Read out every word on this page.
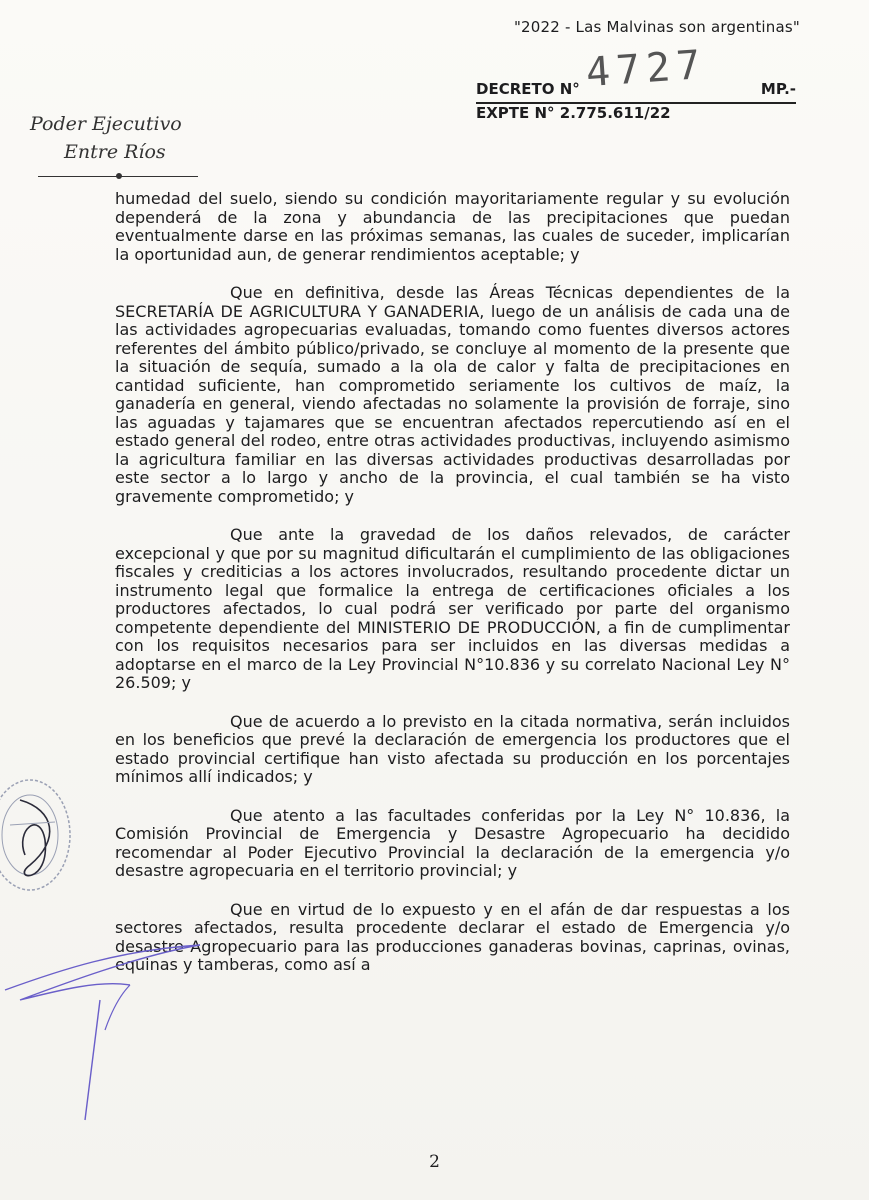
"2022 - Las Malvinas son argentinas"
DECRETO N° 4727	MP.-
EXPTE N° 2.775.611/22
Poder Ejecutivo
Entre Ríos

humedad del suelo, siendo su condición mayoritariamente regular y su evolución dependerá de la zona y abundancia de las precipitaciones que puedan eventualmente darse en las próximas semanas, las cuales de suceder, implicarían la oportunidad aun, de generar rendimientos aceptable; y

Que en definitiva, desde las Áreas Técnicas dependientes de la SECRETARÍA DE AGRICULTURA Y GANADERIA, luego de un análisis de cada una de las actividades agropecuarias evaluadas, tomando como fuentes diversos actores referentes del ámbito público/privado, se concluye al momento de la presente que la situación de sequía, sumado a la ola de calor y falta de precipitaciones en cantidad suficiente, han comprometido seriamente los cultivos de maíz, la ganadería en general, viendo afectadas no solamente la provisión de forraje, sino las aguadas y tajamares que se encuentran afectados repercutiendo así en el estado general del rodeo, entre otras actividades productivas, incluyendo asimismo la agricultura familiar en las diversas actividades productivas desarrolladas por este sector a lo largo y ancho de la provincia, el cual también se ha visto gravemente comprometido; y

Que ante la gravedad de los daños relevados, de carácter excepcional y que por su magnitud dificultarán el cumplimiento de las obligaciones fiscales y crediticias a los actores involucrados, resultando procedente dictar un instrumento legal que formalice la entrega de certificaciones oficiales a los productores afectados, lo cual podrá ser verificado por parte del organismo competente dependiente del MINISTERIO DE PRODUCCIÓN, a fin de cumplimentar con los requisitos necesarios para ser incluidos en las diversas medidas a adoptarse en el marco de la Ley Provincial N°10.836 y su correlato Nacional Ley N° 26.509; y

Que de acuerdo a lo previsto en la citada normativa, serán incluidos en los beneficios que prevé la declaración de emergencia los productores que el estado provincial certifique han visto afectada su producción en los porcentajes mínimos allí indicados; y

Que atento a las facultades conferidas por la Ley N° 10.836, la Comisión Provincial de Emergencia y Desastre Agropecuario ha decidido recomendar al Poder Ejecutivo Provincial la declaración de la emergencia y/o desastre agropecuaria en el territorio provincial; y

Que en virtud de lo expuesto y en el afán de dar respuestas a los sectores afectados, resulta procedente declarar el estado de Emergencia y/o desastre Agropecuario para las producciones ganaderas bovinas, caprinas, ovinas, equinas y tamberas, como así a

2
